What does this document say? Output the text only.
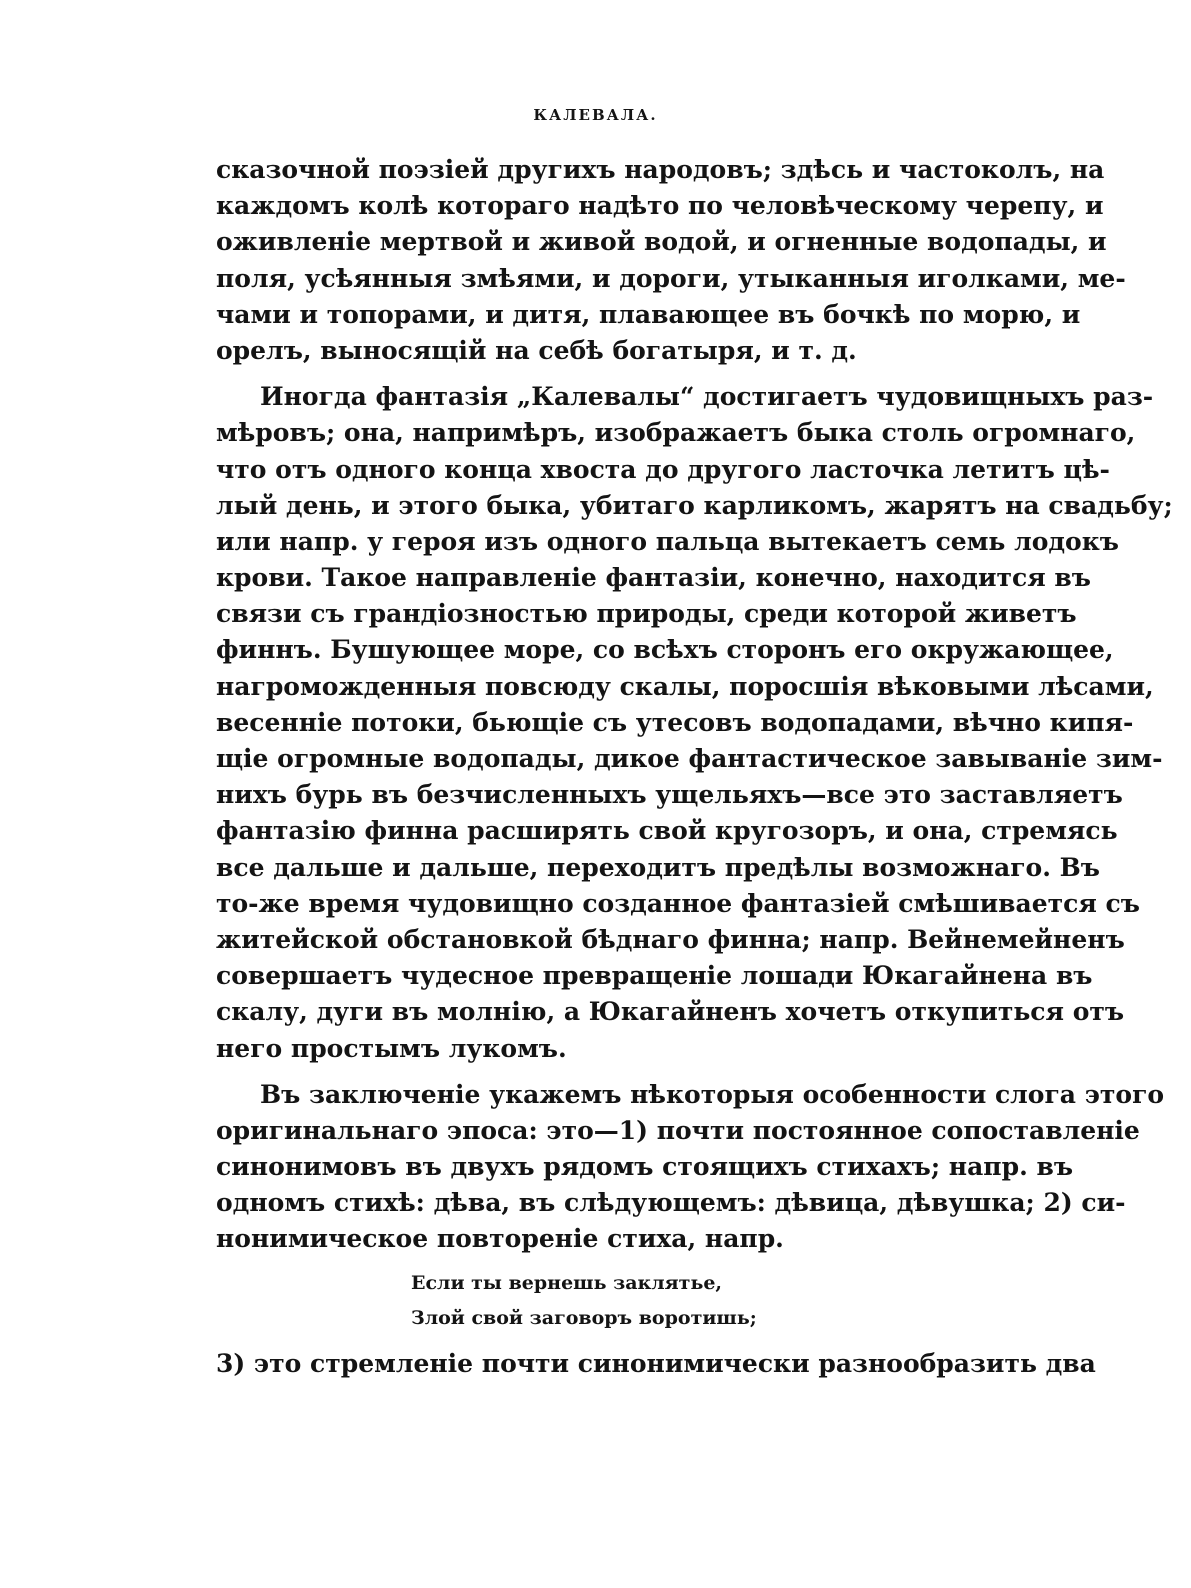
КАЛЕВАЛА.
сказочной поэзіей другихъ народовъ; здѣсь и частоколъ, на
каждомъ колѣ котораго надѣто по человѣческому черепу, и
оживленіе мертвой и живой водой, и огненные водопады, и
поля, усѣянныя змѣями, и дороги, утыканныя иголками, ме-
чами и топорами, и дитя, плавающее въ бочкѣ по морю, и
орелъ, выносящій на себѣ богатыря, и т. д.
Иногда фантазія „Калевалы“ достигаетъ чудовищныхъ раз-
мѣровъ; она, напримѣръ, изображаетъ быка столь огромнаго,
что отъ одного конца хвоста до другого ласточка летитъ цѣ-
лый день, и этого быка, убитаго карликомъ, жарятъ на свадьбу;
или напр. у героя изъ одного пальца вытекаетъ семь лодокъ
крови. Такое направленіе фантазіи, конечно, находится въ
связи съ грандіозностью природы, среди которой живетъ
финнъ. Бушующее море, со всѣхъ сторонъ его окружающее,
нагроможденныя повсюду скалы, поросшія вѣковыми лѣсами,
весенніе потоки, бьющіе съ утесовъ водопадами, вѣчно кипя-
щіе огромные водопады, дикое фантастическое завываніе зим-
нихъ бурь въ безчисленныхъ ущельяхъ—все это заставляетъ
фантазію финна расширять свой кругозоръ, и она, стремясь
все дальше и дальше, переходитъ предѣлы возможнаго. Въ
то-же время чудовищно созданное фантазіей смѣшивается съ
житейской обстановкой бѣднаго финна; напр. Вейнемейненъ
совершаетъ чудесное превращеніе лошади Юкагайнена въ
скалу, дуги въ молнію, а Юкагайненъ хочетъ откупиться отъ
него простымъ лукомъ.
Въ заключеніе укажемъ нѣкоторыя особенности слога этого
оригинальнаго эпоса: это—1) почти постоянное сопоставленіе
синонимовъ въ двухъ рядомъ стоящихъ стихахъ; напр. въ
одномъ стихѣ: дѣва, въ слѣдующемъ: дѣвица, дѣвушка; 2) си-
нонимическое повтореніе стиха, напр.
Если ты вернешь заклятье,
Злой свой заговоръ воротишь;
3) это стремленіе почти синонимически разнообразить два
